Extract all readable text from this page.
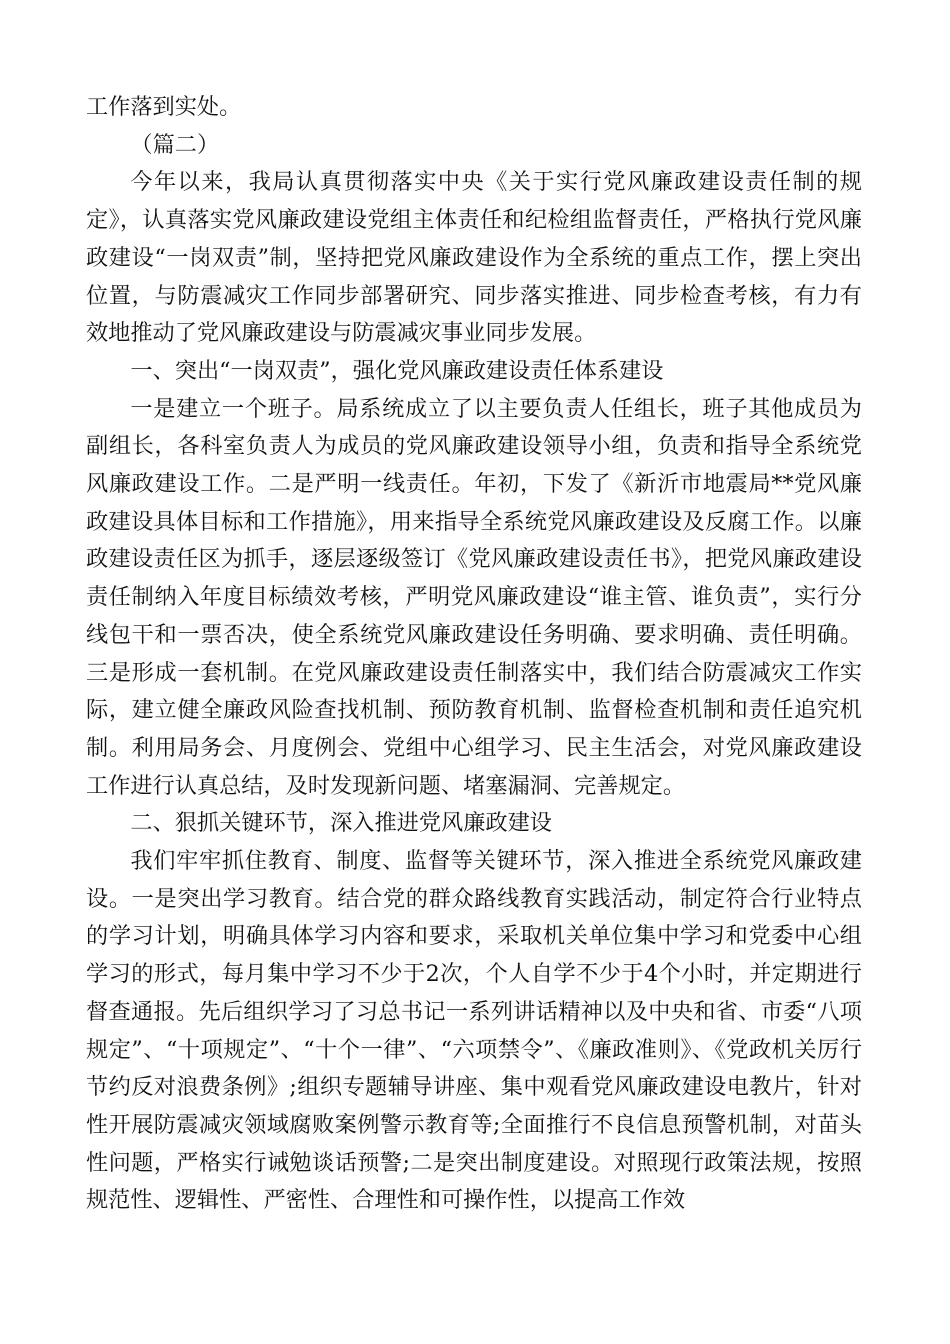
工作落到实处。

（篇二）

今年以来，我局认真贯彻落实中央《关于实行党风廉政建设责任制的规定》，认真落实党风廉政建设党组主体责任和纪检组监督责任，严格执行党风廉政建设“一岗双责”制，坚持把党风廉政建设作为全系统的重点工作，摆上突出位置，与防震减灾工作同步部署研究、同步落实推进、同步检查考核，有力有效地推动了党风廉政建设与防震减灾事业同步发展。

一、突出“一岗双责”，强化党风廉政建设责任体系建设

一是建立一个班子。局系统成立了以主要负责人任组长，班子其他成员为副组长，各科室负责人为成员的党风廉政建设领导小组，负责和指导全系统党风廉政建设工作。二是严明一线责任。年初，下发了《新沂市地震局**党风廉政建设具体目标和工作措施》，用来指导全系统党风廉政建设及反腐工作。以廉政建设责任区为抓手，逐层逐级签订《党风廉政建设责任书》，把党风廉政建设责任制纳入年度目标绩效考核，严明党风廉政建设“谁主管、谁负责”，实行分线包干和一票否决，使全系统党风廉政建设任务明确、要求明确、责任明确。三是形成一套机制。在党风廉政建设责任制落实中，我们结合防震减灾工作实际，建立健全廉政风险查找机制、预防教育机制、监督检查机制和责任追究机制。利用局务会、月度例会、党组中心组学习、民主生活会，对党风廉政建设工作进行认真总结，及时发现新问题、堵塞漏洞、完善规定。

二、狠抓关键环节，深入推进党风廉政建设

我们牢牢抓住教育、制度、监督等关键环节，深入推进全系统党风廉政建设。一是突出学习教育。结合党的群众路线教育实践活动，制定符合行业特点的学习计划，明确具体学习内容和要求，采取机关单位集中学习和党委中心组学习的形式，每月集中学习不少于2次，个人自学不少于4个小时，并定期进行督查通报。先后组织学习了习总书记一系列讲话精神以及中央和省、市委“八项规定”、“十项规定”、“十个一律”、“六项禁令”、《廉政准则》、《党政机关厉行节约反对浪费条例》;组织专题辅导讲座、集中观看党风廉政建设电教片，针对性开展防震减灾领域腐败案例警示教育等;全面推行不良信息预警机制，对苗头性问题，严格实行诫勉谈话预警;二是突出制度建设。对照现行政策法规，按照规范性、逻辑性、严密性、合理性和可操作性，以提高工作效
